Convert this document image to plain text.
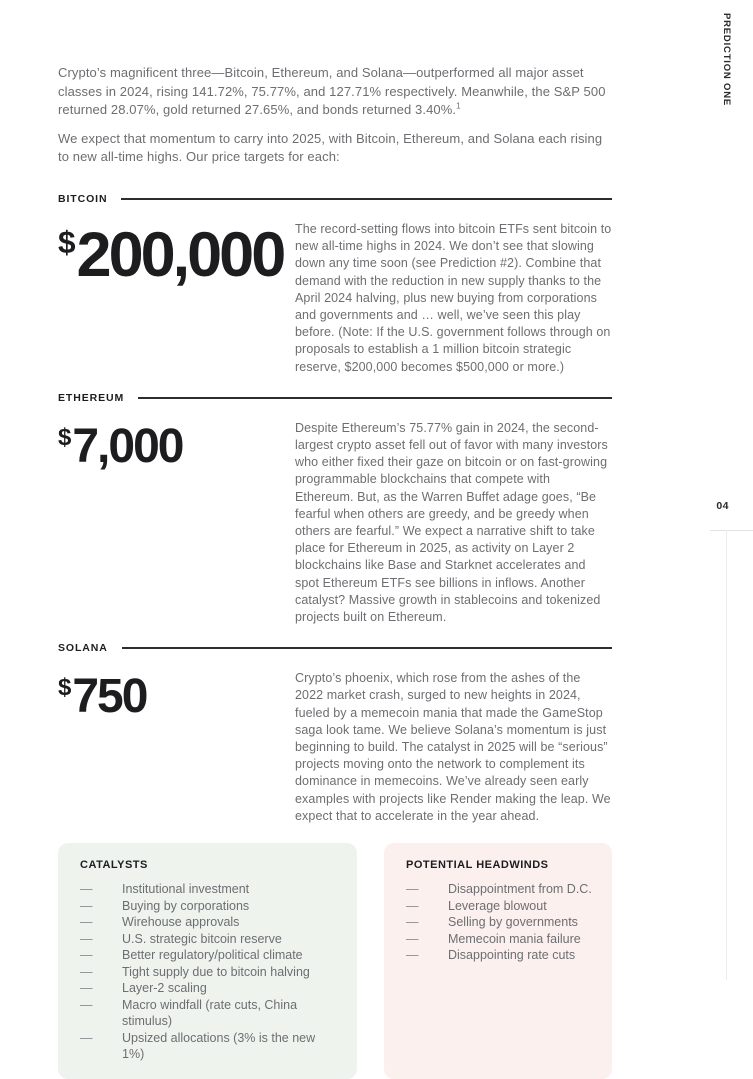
Crypto’s magnificent three—Bitcoin, Ethereum, and Solana—outperformed all major asset classes in 2024, rising 141.72%, 75.77%, and 127.71% respectively. Meanwhile, the S&P 500 returned 28.07%, gold returned 27.65%, and bonds returned 3.40%.$^1$

We expect that momentum to carry into 2025, with Bitcoin, Ethereum, and Solana each rising to new all-time highs. Our price targets for each:

BITCOIN
$200,000 The record-setting flows into bitcoin ETFs sent bitcoin to new all-time highs in 2024. We don’t see that slowing down any time soon (see Prediction #2). Combine that demand with the reduction in new supply thanks to the April 2024 halving, plus new buying from corporations and governments and … well, we’ve seen this play before. (Note: If the U.S. government follows through on proposals to establish a 1 million bitcoin strategic reserve, $200,000 becomes $500,000 or more.)
ETHEREUM
$7,000	Despite Ethereum’s 75.77% gain in 2024, the second-largest crypto asset fell out of favor with many investors who either fixed their gaze on bitcoin or on fast-growing programmable blockchains that compete with Ethereum. But, as the Warren Buffet adage goes, “Be fearful when others are greedy, and be greedy when others are fearful.” We expect a narrative shift to take place for Ethereum in 2025, as activity on Layer 2 blockchains like Base and Starknet accelerates and spot Ethereum ETFs see billions in inflows. Another catalyst? Massive growth in stablecoins and tokenized projects built on Ethereum.
SOLANA
$750	Crypto’s phoenix, which rose from the ashes of the 2022 market crash, surged to new heights in 2024, fueled by a memecoin mania that made the GameStop saga look tame. We believe Solana’s momentum is just beginning to build. The catalyst in 2025 will be “serious” projects moving onto the network to complement its dominance in memecoins. We’ve already seen early examples with projects like Render making the leap. We expect that to accelerate in the year ahead.
CATALYSTS
—	Institutional investment
—	Buying by corporations
—	Wirehouse approvals
—	U.S. strategic bitcoin reserve
—	Better regulatory/political climate
—	Tight supply due to bitcoin halving
—	Layer-2 scaling
—	Macro windfall (rate cuts, China stimulus)
—	Upsized allocations (3% is the new 1%)
POTENTIAL HEADWINDS
—	Disappointment from D.C.
—	Leverage blowout
—	Selling by governments
—	Memecoin mania failure
—	Disappointing rate cuts
PREDICTION ONE
04
